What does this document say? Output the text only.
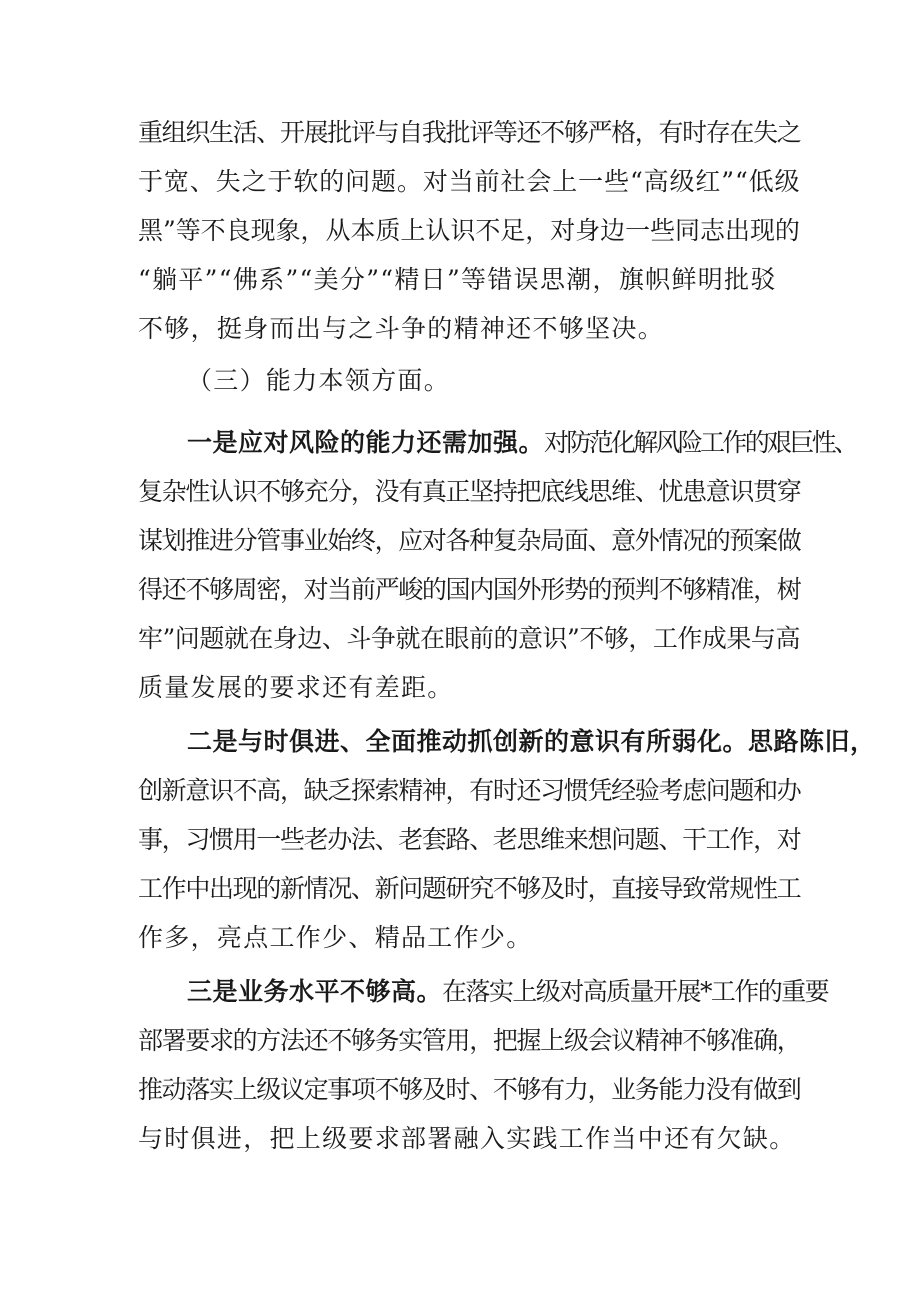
重组织生活、开展批评与自我批评等还不够严格，有时存在失之
于宽、失之于软的问题。对当前社会上一些“高级红”“低级
黑”等不良现象，从本质上认识不足，对身边一些同志出现的
“躺平”“佛系”“美分”“精日”等错误思潮，旗帜鲜明批驳
不够，挺身而出与之斗争的精神还不够坚决。
（三）能力本领方面。
一是应对风险的能力还需加强。对防范化解风险工作的艰巨性、
复杂性认识不够充分，没有真正坚持把底线思维、忧患意识贯穿
谋划推进分管事业始终，应对各种复杂局面、意外情况的预案做
得还不够周密，对当前严峻的国内国外形势的预判不够精准，树
牢”问题就在身边、斗争就在眼前的意识”不够，工作成果与高
质量发展的要求还有差距。
二是与时俱进、全面推动抓创新的意识有所弱化。思路陈旧，
创新意识不高，缺乏探索精神，有时还习惯凭经验考虑问题和办
事，习惯用一些老办法、老套路、老思维来想问题、干工作，对
工作中出现的新情况、新问题研究不够及时，直接导致常规性工
作多，亮点工作少、精品工作少。
三是业务水平不够高。在落实上级对高质量开展*工作的重要
部署要求的方法还不够务实管用，把握上级会议精神不够准确，
推动落实上级议定事项不够及时、不够有力，业务能力没有做到
与时俱进，把上级要求部署融入实践工作当中还有欠缺。
